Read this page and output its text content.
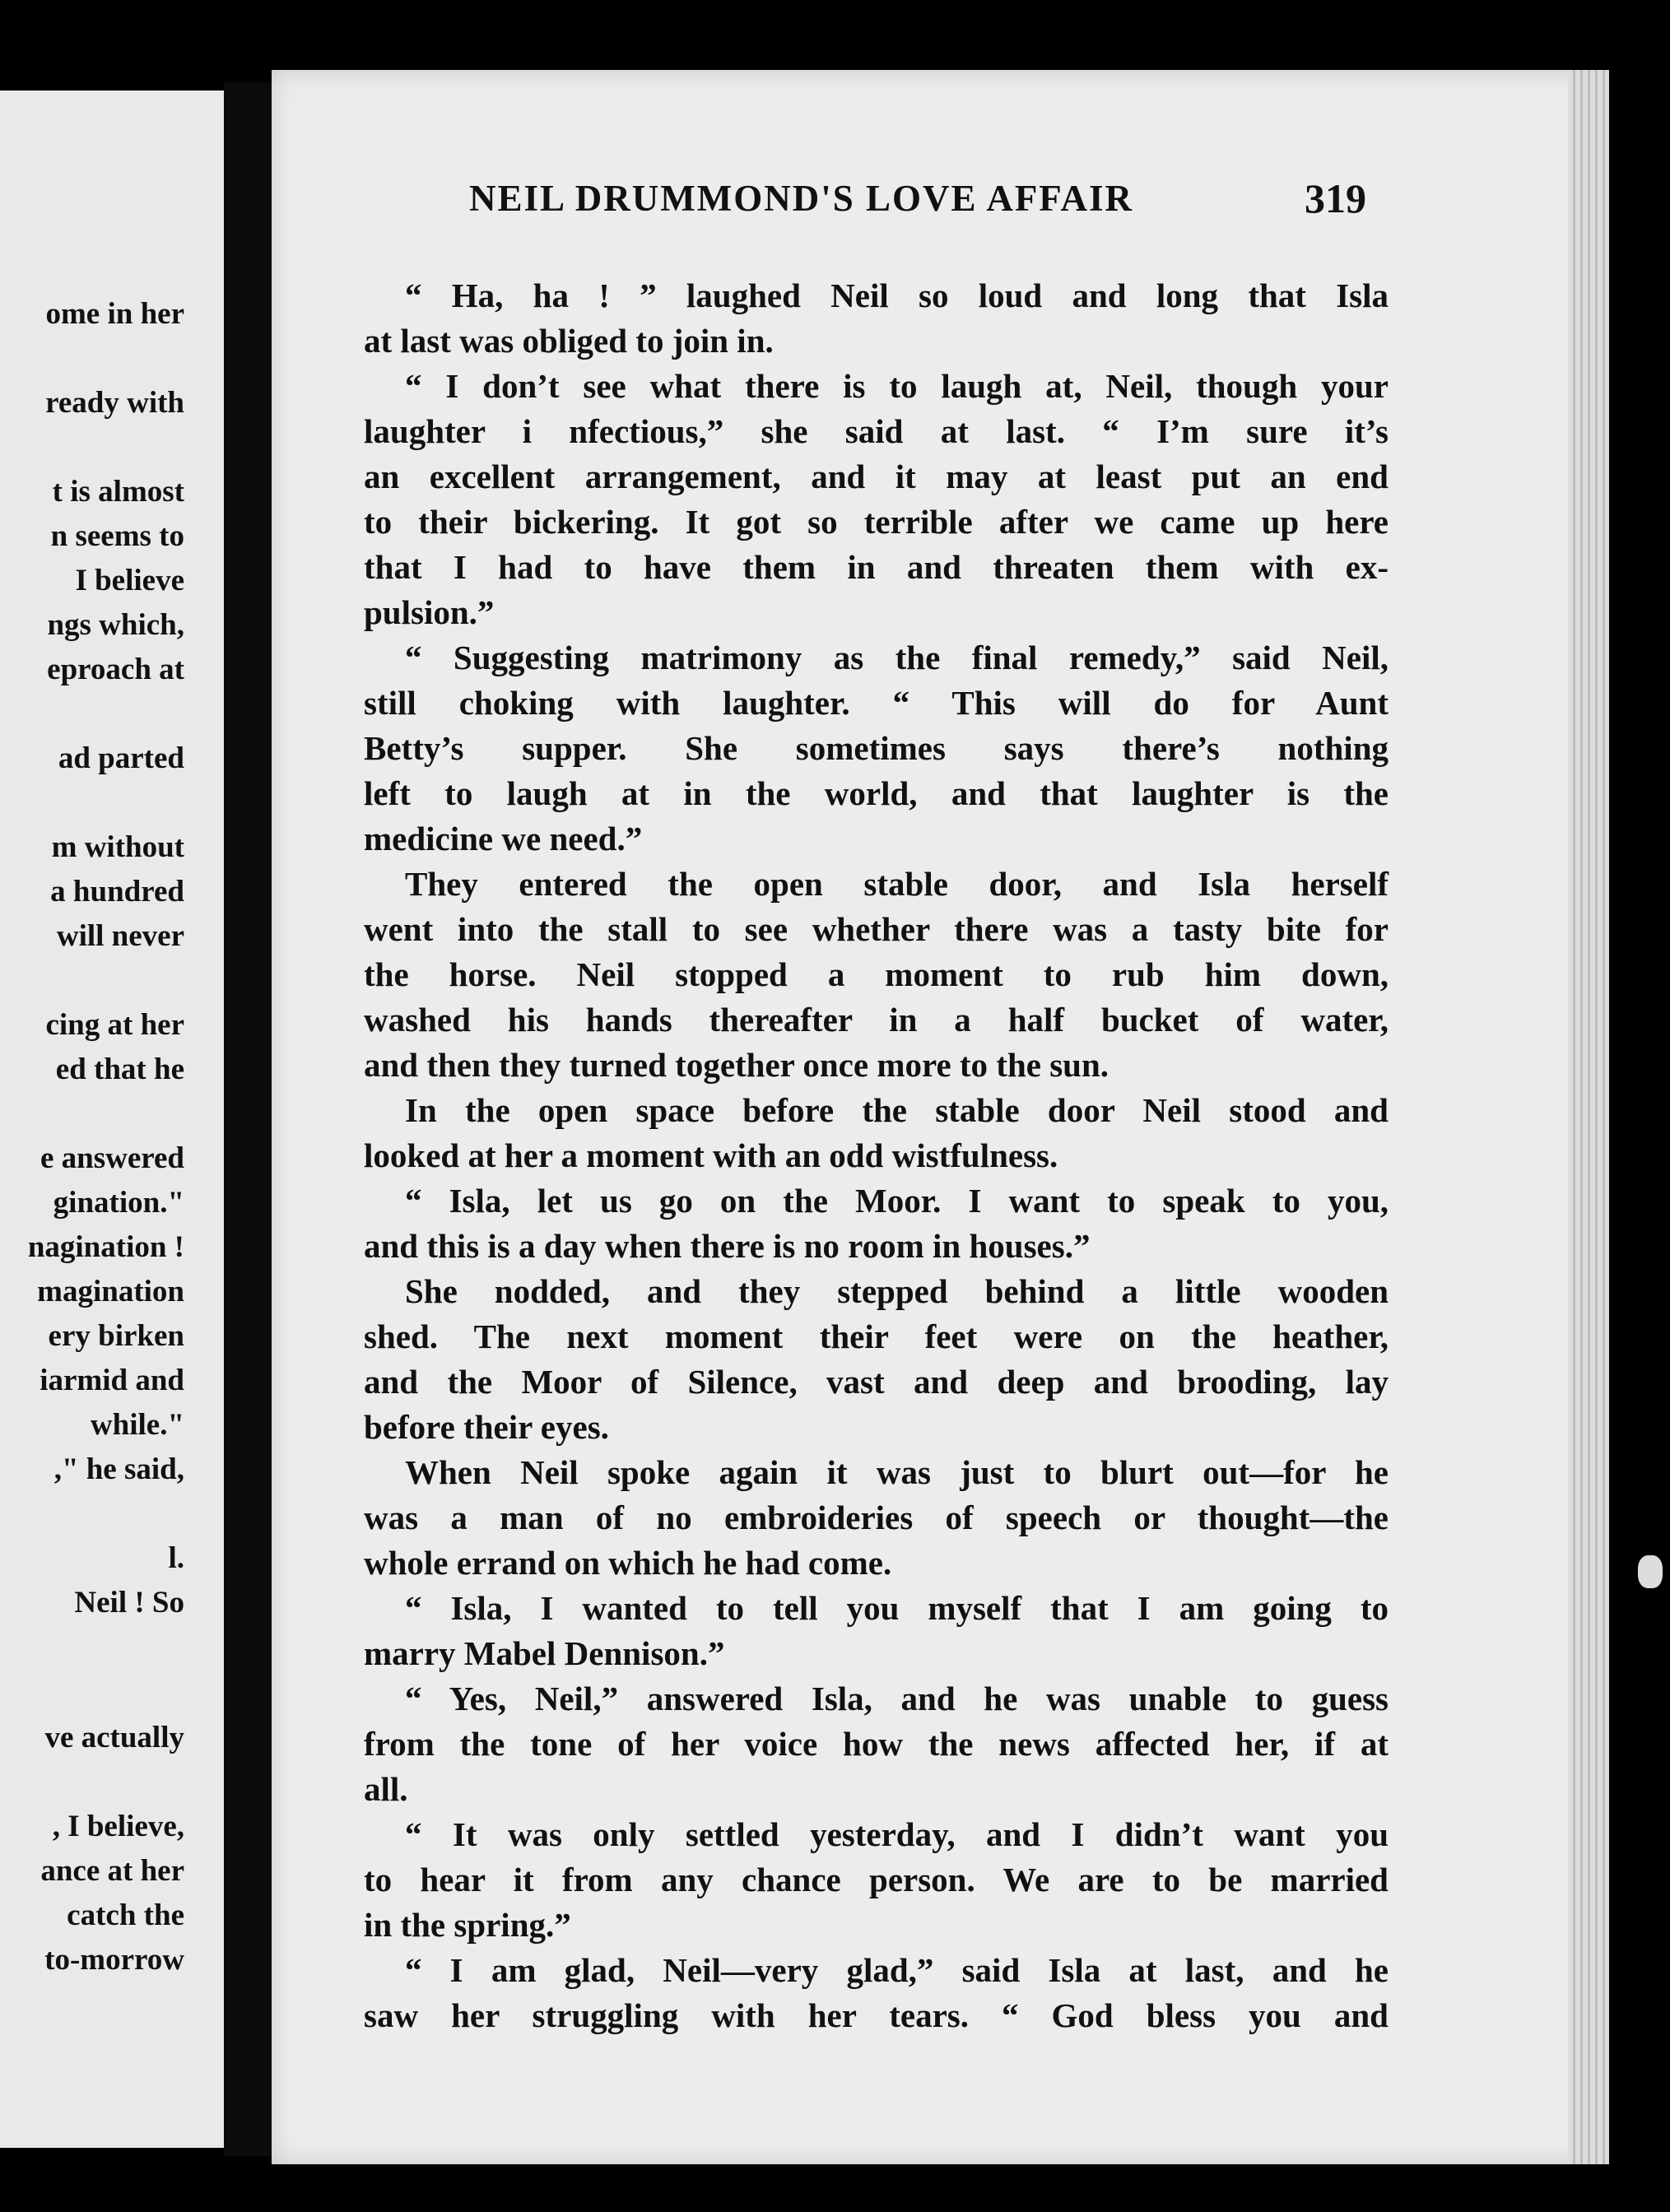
ome in her
ready with
t is almost
n seems to
I believe
ngs which,
eproach at
ad parted
m without
a hundred
will never
cing at her
ed that he
e answered
gination."
nagination !
magination
ery birken
iarmid and
while."
," he said,
l.
Neil ! So
ve actually
, I believe,
ance at her
catch the
to-morrow
NEIL DRUMMOND'S LOVE AFFAIR	319
“ Ha, ha ! ” laughed Neil so loud and long that Isla
at last was obliged to join in.
“ I don’t see what there is to laugh at, Neil, though your
laughter i nfectious,” she said at last. “ I’m sure it’s
an excellent arrangement, and it may at least put an end
to their bickering. It got so terrible after we came up here
that I had to have them in and threaten them with ex-
pulsion.”
“ Suggesting matrimony as the final remedy,” said Neil,
still choking with laughter. “ This will do for Aunt
Betty’s supper. She sometimes says there’s nothing
left to laugh at in the world, and that laughter is the
medicine we need.”
They entered the open stable door, and Isla herself
went into the stall to see whether there was a tasty bite for
the horse. Neil stopped a moment to rub him down,
washed his hands thereafter in a half bucket of water,
and then they turned together once more to the sun.
In the open space before the stable door Neil stood and
looked at her a moment with an odd wistfulness.
“ Isla, let us go on the Moor. I want to speak to you,
and this is a day when there is no room in houses.”
She nodded, and they stepped behind a little wooden
shed. The next moment their feet were on the heather,
and the Moor of Silence, vast and deep and brooding, lay
before their eyes.
When Neil spoke again it was just to blurt out—for he
was a man of no embroideries of speech or thought—the
whole errand on which he had come.
“ Isla, I wanted to tell you myself that I am going to
marry Mabel Dennison.”
“ Yes, Neil,” answered Isla, and he was unable to guess
from the tone of her voice how the news affected her, if at
all.
“ It was only settled yesterday, and I didn’t want you
to hear it from any chance person. We are to be married
in the spring.”
“ I am glad, Neil—very glad,” said Isla at last, and he
saw her struggling with her tears. “ God bless you and
